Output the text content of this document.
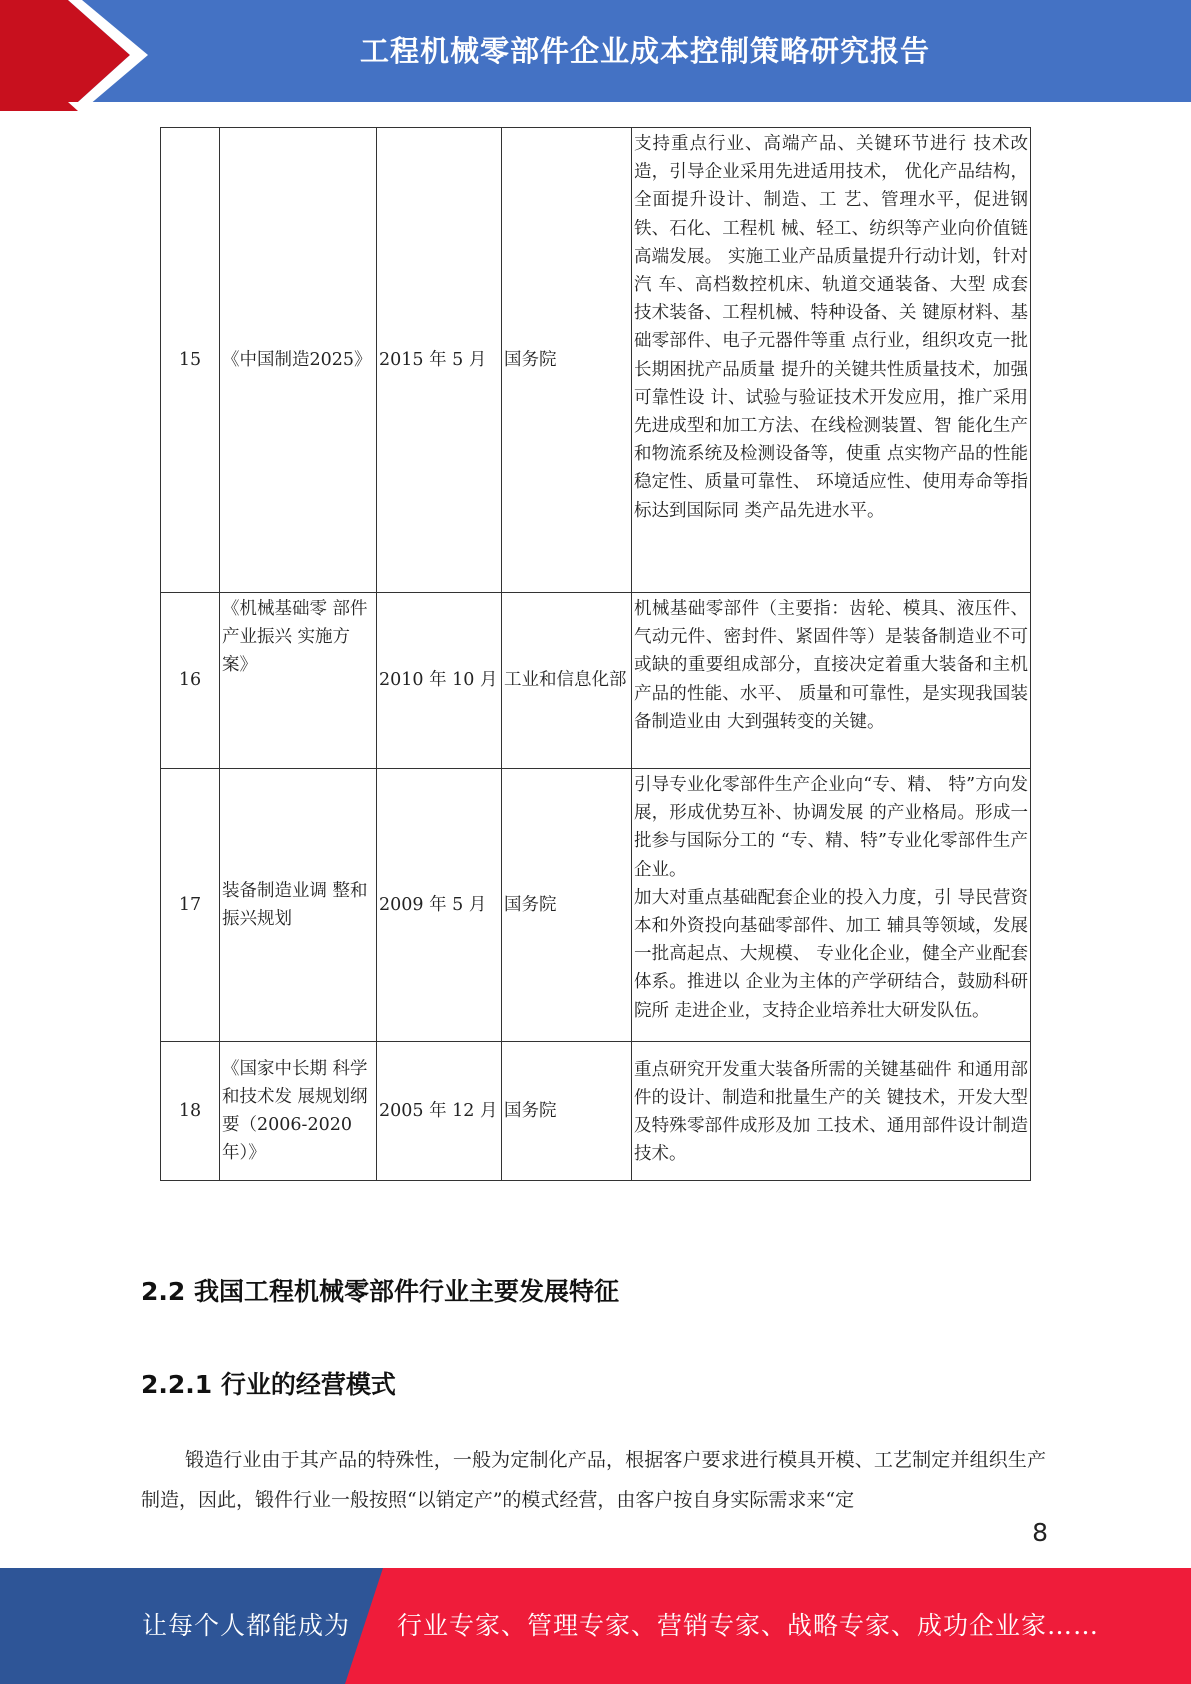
工程机械零部件企业成本控制策略研究报告
15	《中国制造2025》	2015 年 5 月	国务院	支持重点行业、高端产品、关键环节进行 技术改造，引导企业采用先进适用技术， 优化产品结构，全面提升设计、制造、工 艺、管理水平，促进钢铁、石化、工程机 械、轻工、纺织等产业向价值链高端发展。 实施工业产品质量提升行动计划，针对汽 车、高档数控机床、轨道交通装备、大型 成套技术装备、工程机械、特种设备、关 键原材料、基础零部件、电子元器件等重 点行业，组织攻克一批长期困扰产品质量 提升的关键共性质量技术，加强可靠性设 计、试验与验证技术开发应用，推广采用 先进成型和加工方法、在线检测装置、智 能化生产和物流系统及检测设备等，使重 点实物产品的性能稳定性、质量可靠性、 环境适应性、使用寿命等指标达到国际同 类产品先进水平。
16	《机械基础零 部件产业振兴 实施方案》	2010 年 10 月	工业和信息化部	机械基础零部件（主要指：齿轮、模具、液压件、气动元件、密封件、紧固件等）是装备制造业不可或缺的重要组成部分，直接决定着重大装备和主机产品的性能、水平、 质量和可靠性，是实现我国装备制造业由 大到强转变的关键。
17	装备制造业调 整和振兴规划	2009 年 5 月	国务院	引导专业化零部件生产企业向“专、精、 特”方向发展，形成优势互补、协调发展 的产业格局。形成一批参与国际分工的 “专、精、特”专业化零部件生产企业。
加大对重点基础配套企业的投入力度，引 导民营资本和外资投向基础零部件、加工 辅具等领域，发展一批高起点、大规模、 专业化企业，健全产业配套体系。推进以 企业为主体的产学研结合，鼓励科研院所 走进企业，支持企业培养壮大研发队伍。

18	《国家中长期 科学和技术发 展规划纲要（2006-2020年）》	2005 年 12 月	国务院	重点研究开发重大装备所需的关键基础件 和通用部件的设计、制造和批量生产的关 键技术，开发大型及特殊零部件成形及加 工技术、通用部件设计制造技术。
2.2 我国工程机械零部件行业主要发展特征
2.2.1 行业的经营模式
锻造行业由于其产品的特殊性，一般为定制化产品，根据客户要求进行模具开模、工艺制定并组织生产制造，因此，锻件行业一般按照“以销定产”的模式经营，由客户按自身实际需求来“定
8
让每个人都能成为 行业专家、管理专家、营销专家、战略专家、成功企业家……
